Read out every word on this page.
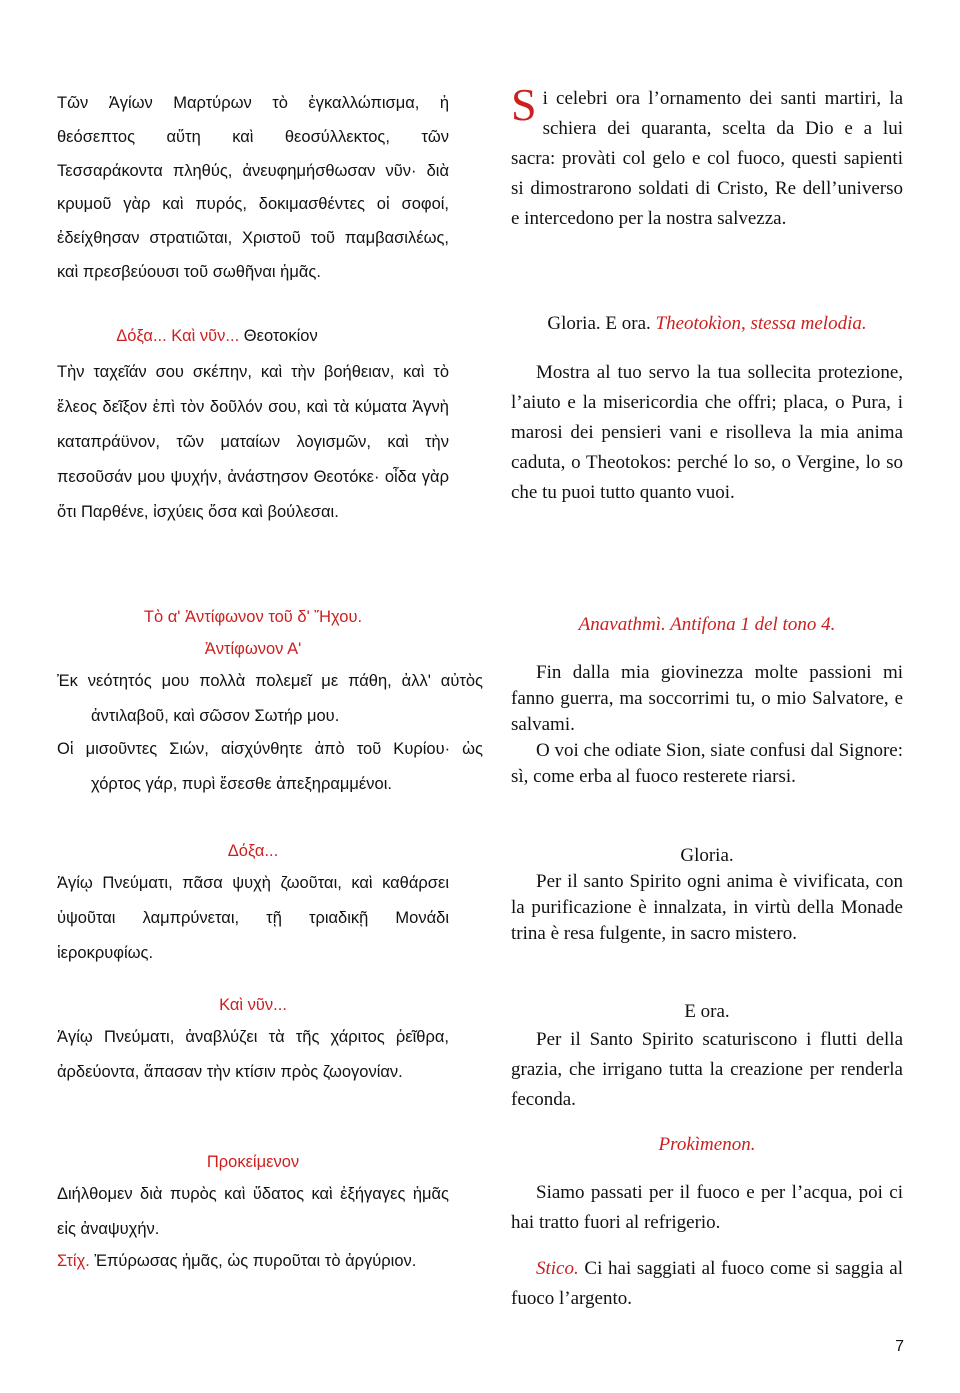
Τῶν Ἁγίων Μαρτύρων τὸ ἐγκαλλώπισμα, ἡ θεόσεπτος αὕτη καὶ θεοσύλλεκτος, τῶν Τεσσαράκοντα πληθύς, ἀνευφημήσθωσαν νῦν· διὰ κρυμοῦ γὰρ καὶ πυρός, δοκιμασθέντες οἱ σοφοί, ἐδείχθησαν στρατιῶται, Χριστοῦ τοῦ παμβασιλέως, καὶ πρεσβεύουσι τοῦ σωθῆναι ἡμᾶς.

Δόξα... Καὶ νῦν... Θεοτοκίον

Τὴν ταχεῖάν σου σκέπην, καὶ τὴν βοήθειαν, καὶ τὸ ἔλεος δεῖξον ἐπὶ τὸν δοῦλόν σου, καὶ τὰ κύματα Ἁγνὴ καταπράϋνον, τῶν ματαίων λογισμῶν, καὶ τὴν πεσοῦσάν μου ψυχήν, ἀνάστησον Θεοτόκε· οἶδα γὰρ ὅτι Παρθένε, ἰσχύεις ὅσα καὶ βούλεσαι.

Τὸ α' Ἀντίφωνον τοῦ δ' Ἤχου.

Ἀντίφωνον Α'

Ἐκ νεότητός μου πολλὰ πολεμεῖ με πάθη, ἀλλ' αὐτὸς ἀντιλαβοῦ, καὶ σῶσον Σωτήρ μου.

Οἱ μισοῦντες Σιών, αἰσχύνθητε ἀπὸ τοῦ Κυρίου· ὡς χόρτος γάρ, πυρὶ ἔσεσθε ἀπεξηραμμένοι.

Δόξα...

Ἁγίῳ Πνεύματι, πᾶσα ψυχὴ ζωοῦται, καὶ καθάρσει ὑψοῦται λαμπρύνεται, τῇ τριαδικῇ Μονάδι ἱεροκρυφίως.

Καὶ νῦν...

Ἁγίῳ Πνεύματι, ἀναβλύζει τὰ τῆς χάριτος ῥεῖθρα, ἀρδεύοντα, ἅπασαν τὴν κτίσιν πρὸς ζωογονίαν.

Προκείμενον

Διήλθομεν διὰ πυρὸς καὶ ὕδατος καὶ ἐξήγαγες ἡμᾶς εἰς ἀναψυχήν.

Στίχ. Ἐπύρωσας ἡμᾶς, ὡς πυροῦται τὸ ἀργύριον.

Si celebri ora l’ornamento dei santi martiri, la schiera dei quaranta, scelta da Dio e a lui sacra: provàti col gelo e col fuoco, questi sapienti si dimostrarono soldati di Cristo, Re dell’universo e intercedono per la nostra salvezza.

Gloria. E ora. Theotokìon, stessa melodia.

Mostra al tuo servo la tua sollecita protezione, l’aiuto e la misericordia che offri; placa, o Pura, i marosi dei pensieri vani e risolleva la mia anima caduta, o Theotokos: perché lo so, o Vergine, lo so che tu puoi tutto quanto vuoi.

Anavathmì. Antifona 1 del tono 4.

Fin dalla mia giovinezza molte passioni mi fanno guerra, ma soccorrimi tu, o mio Salvatore, e salvami.

O voi che odiate Sion, siate confusi dal Signore: sì, come erba al fuoco resterete riarsi.

Gloria.

Per il santo Spirito ogni anima è vivificata, con la purificazione è innalzata, in virtù della Monade trina è resa fulgente, in sacro mistero.

E ora.

Per il Santo Spirito scaturiscono i flutti della grazia, che irrigano tutta la creazione per renderla feconda.

Prokìmenon.

Siamo passati per il fuoco e per l’acqua, poi ci hai tratto fuori al refrigerio.

Stico. Ci hai saggiati al fuoco come si saggia al fuoco l’argento.

7
